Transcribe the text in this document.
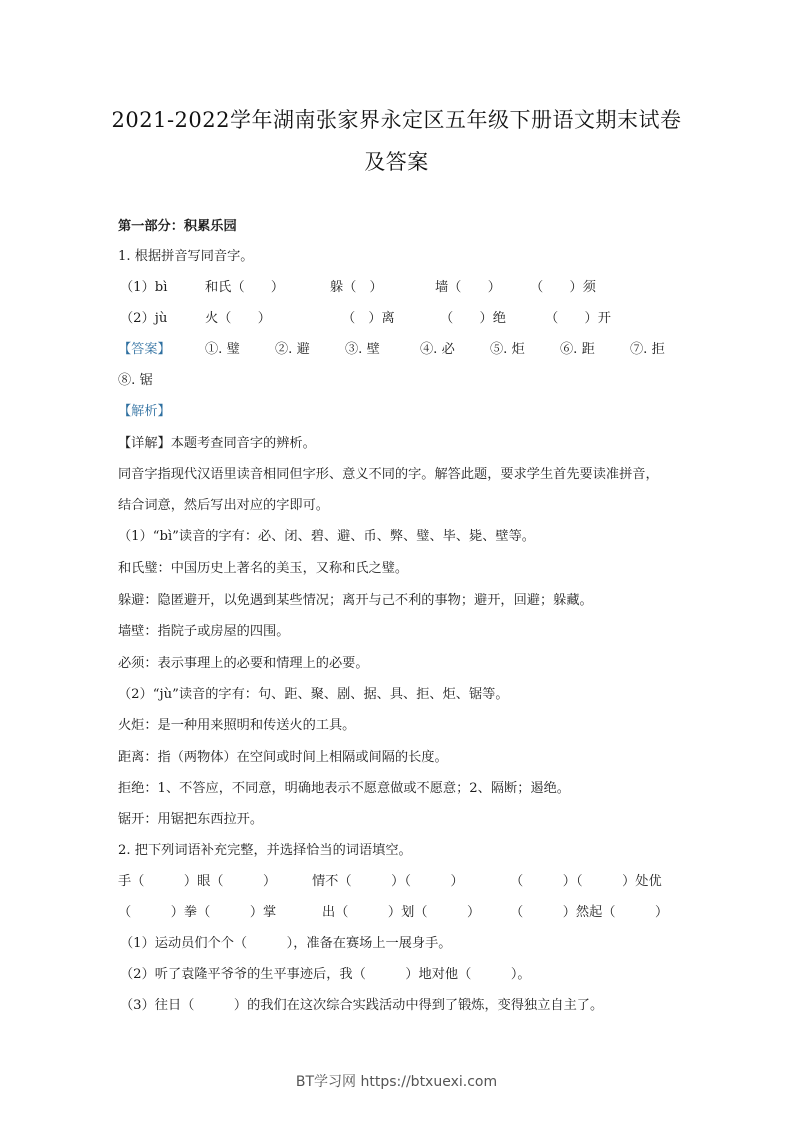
2021-2022学年湖南张家界永定区五年级下册语文期末试卷
及答案
第一部分：积累乐园
1. 根据拼音写同音字。
（1）bì	和氏（　　）	躲（　）	墙（　　） （　　）须
（2）jù	火（　　）	（　）离	（　　）绝	（　　）开
【答案】	①. 璧	②. 避	③. 壁	④. 必	⑤. 炬	⑥. 距	⑦. 拒
⑧. 锯
【解析】
【详解】本题考查同音字的辨析。
同音字指现代汉语里读音相同但字形、意义不同的字。解答此题，要求学生首先要读准拼音，
结合词意，然后写出对应的字即可。
（1）“bì”读音的字有：必、闭、碧、避、币、弊、璧、毕、毙、壁等。
和氏璧：中国历史上著名的美玉，又称和氏之璧。
躲避：隐匿避开，以免遇到某些情况；离开与己不利的事物；避开，回避；躲藏。
墙壁：指院子或房屋的四围。
必须：表示事理上的必要和情理上的必要。
（2）“jù”读音的字有：句、距、聚、剧、据、具、拒、炬、锯等。
火炬：是一种用来照明和传送火的工具。
距离：指（两物体）在空间或时间上相隔或间隔的长度。
拒绝：1、不答应，不同意，明确地表示不愿意做或不愿意；2、隔断；遏绝。
锯开：用锯把东西拉开。
2. 把下列词语补充完整，并选择恰当的词语填空。
手（　　　）眼（　　　）	情不（　　　）（　　　）	（　　　）（　　　）处优
（　　　）拳（　　　）掌	出（　　　）划（　　　） （　　　）然起（　　　）
（1）运动员们个个（　　　），准备在赛场上一展身手。
（2）听了袁隆平爷爷的生平事迹后，我（　　　）地对他（　　　）。
（3）往日（　　　）的我们在这次综合实践活动中得到了锻炼，变得独立自主了。
BT学习网 https://btxuexi.com
